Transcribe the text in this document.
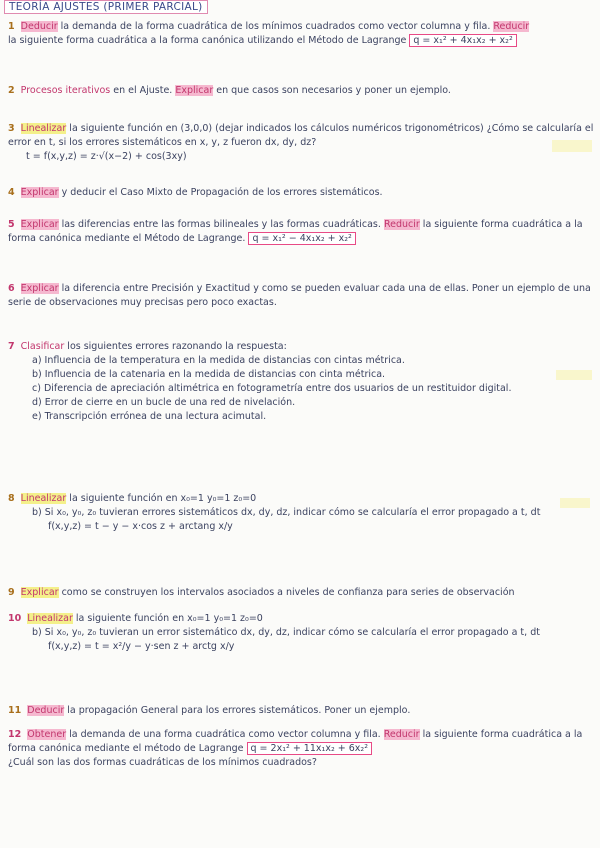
TEORÍA AJUSTES (PRIMER PARCIAL)
1 Deducir la demanda de la forma cuadrática de los mínimos cuadrados como vector columna y fila. Reducir
la siguiente forma cuadrática a la forma canónica utilizando el Método de Lagrange q = x₁² + 4x₁x₂ + x₂²
2 Procesos iterativos en el Ajuste. Explicar en que casos son necesarios y poner un ejemplo.
3 Linealizar la siguiente función en (3,0,0) (dejar indicados los cálculos numéricos trigonométricos) ¿Cómo se calcularía el error en t, si los errores sistemáticos en x, y, z fueron dx, dy, dz?
t = f(x,y,z) = z·√(x−2) + cos(3xy)
4 Explicar y deducir el Caso Mixto de Propagación de los errores sistemáticos.
5 Explicar las diferencias entre las formas bilineales y las formas cuadráticas. Reducir la siguiente forma cuadrática a la forma canónica mediante el Método de Lagrange. q = x₁² − 4x₁x₂ + x₂²
6 Explicar la diferencia entre Precisión y Exactitud y como se pueden evaluar cada una de ellas. Poner un ejemplo de una serie de observaciones muy precisas pero poco exactas.
7 Clasificar los siguientes errores razonando la respuesta:
a) Influencia de la temperatura en la medida de distancias con cintas métrica.
b) Influencia de la catenaria en la medida de distancias con cinta métrica.
c) Diferencia de apreciación altimétrica en fotogrametría entre dos usuarios de un restituidor digital.
d) Error de cierre en un bucle de una red de nivelación.
e) Transcripción errónea de una lectura acimutal.
8 Linealizar la siguiente función en x₀=1 y₀=1 z₀=0
b) Si x₀, y₀, z₀ tuvieran errores sistemáticos dx, dy, dz, indicar cómo se calcularía el error propagado a t, dt
f(x,y,z) = t − y − x·cos z + arctang x/y
9 Explicar como se construyen los intervalos asociados a niveles de confianza para series de observación
10 Linealizar la siguiente función en x₀=1 y₀=1 z₀=0
b) Si x₀, y₀, z₀ tuvieran un error sistemático dx, dy, dz, indicar cómo se calcularía el error propagado a t, dt
f(x,y,z) = t = x²/y − y·sen z + arctg x/y
11 Deducir la propagación General para los errores sistemáticos. Poner un ejemplo.
12 Obtener la demanda de una forma cuadrática como vector columna y fila. Reducir la siguiente forma cuadrática a la forma canónica mediante el método de Lagrange q = 2x₁² + 11x₁x₂ + 6x₂²
¿Cuál son las dos formas cuadráticas de los mínimos cuadrados?
